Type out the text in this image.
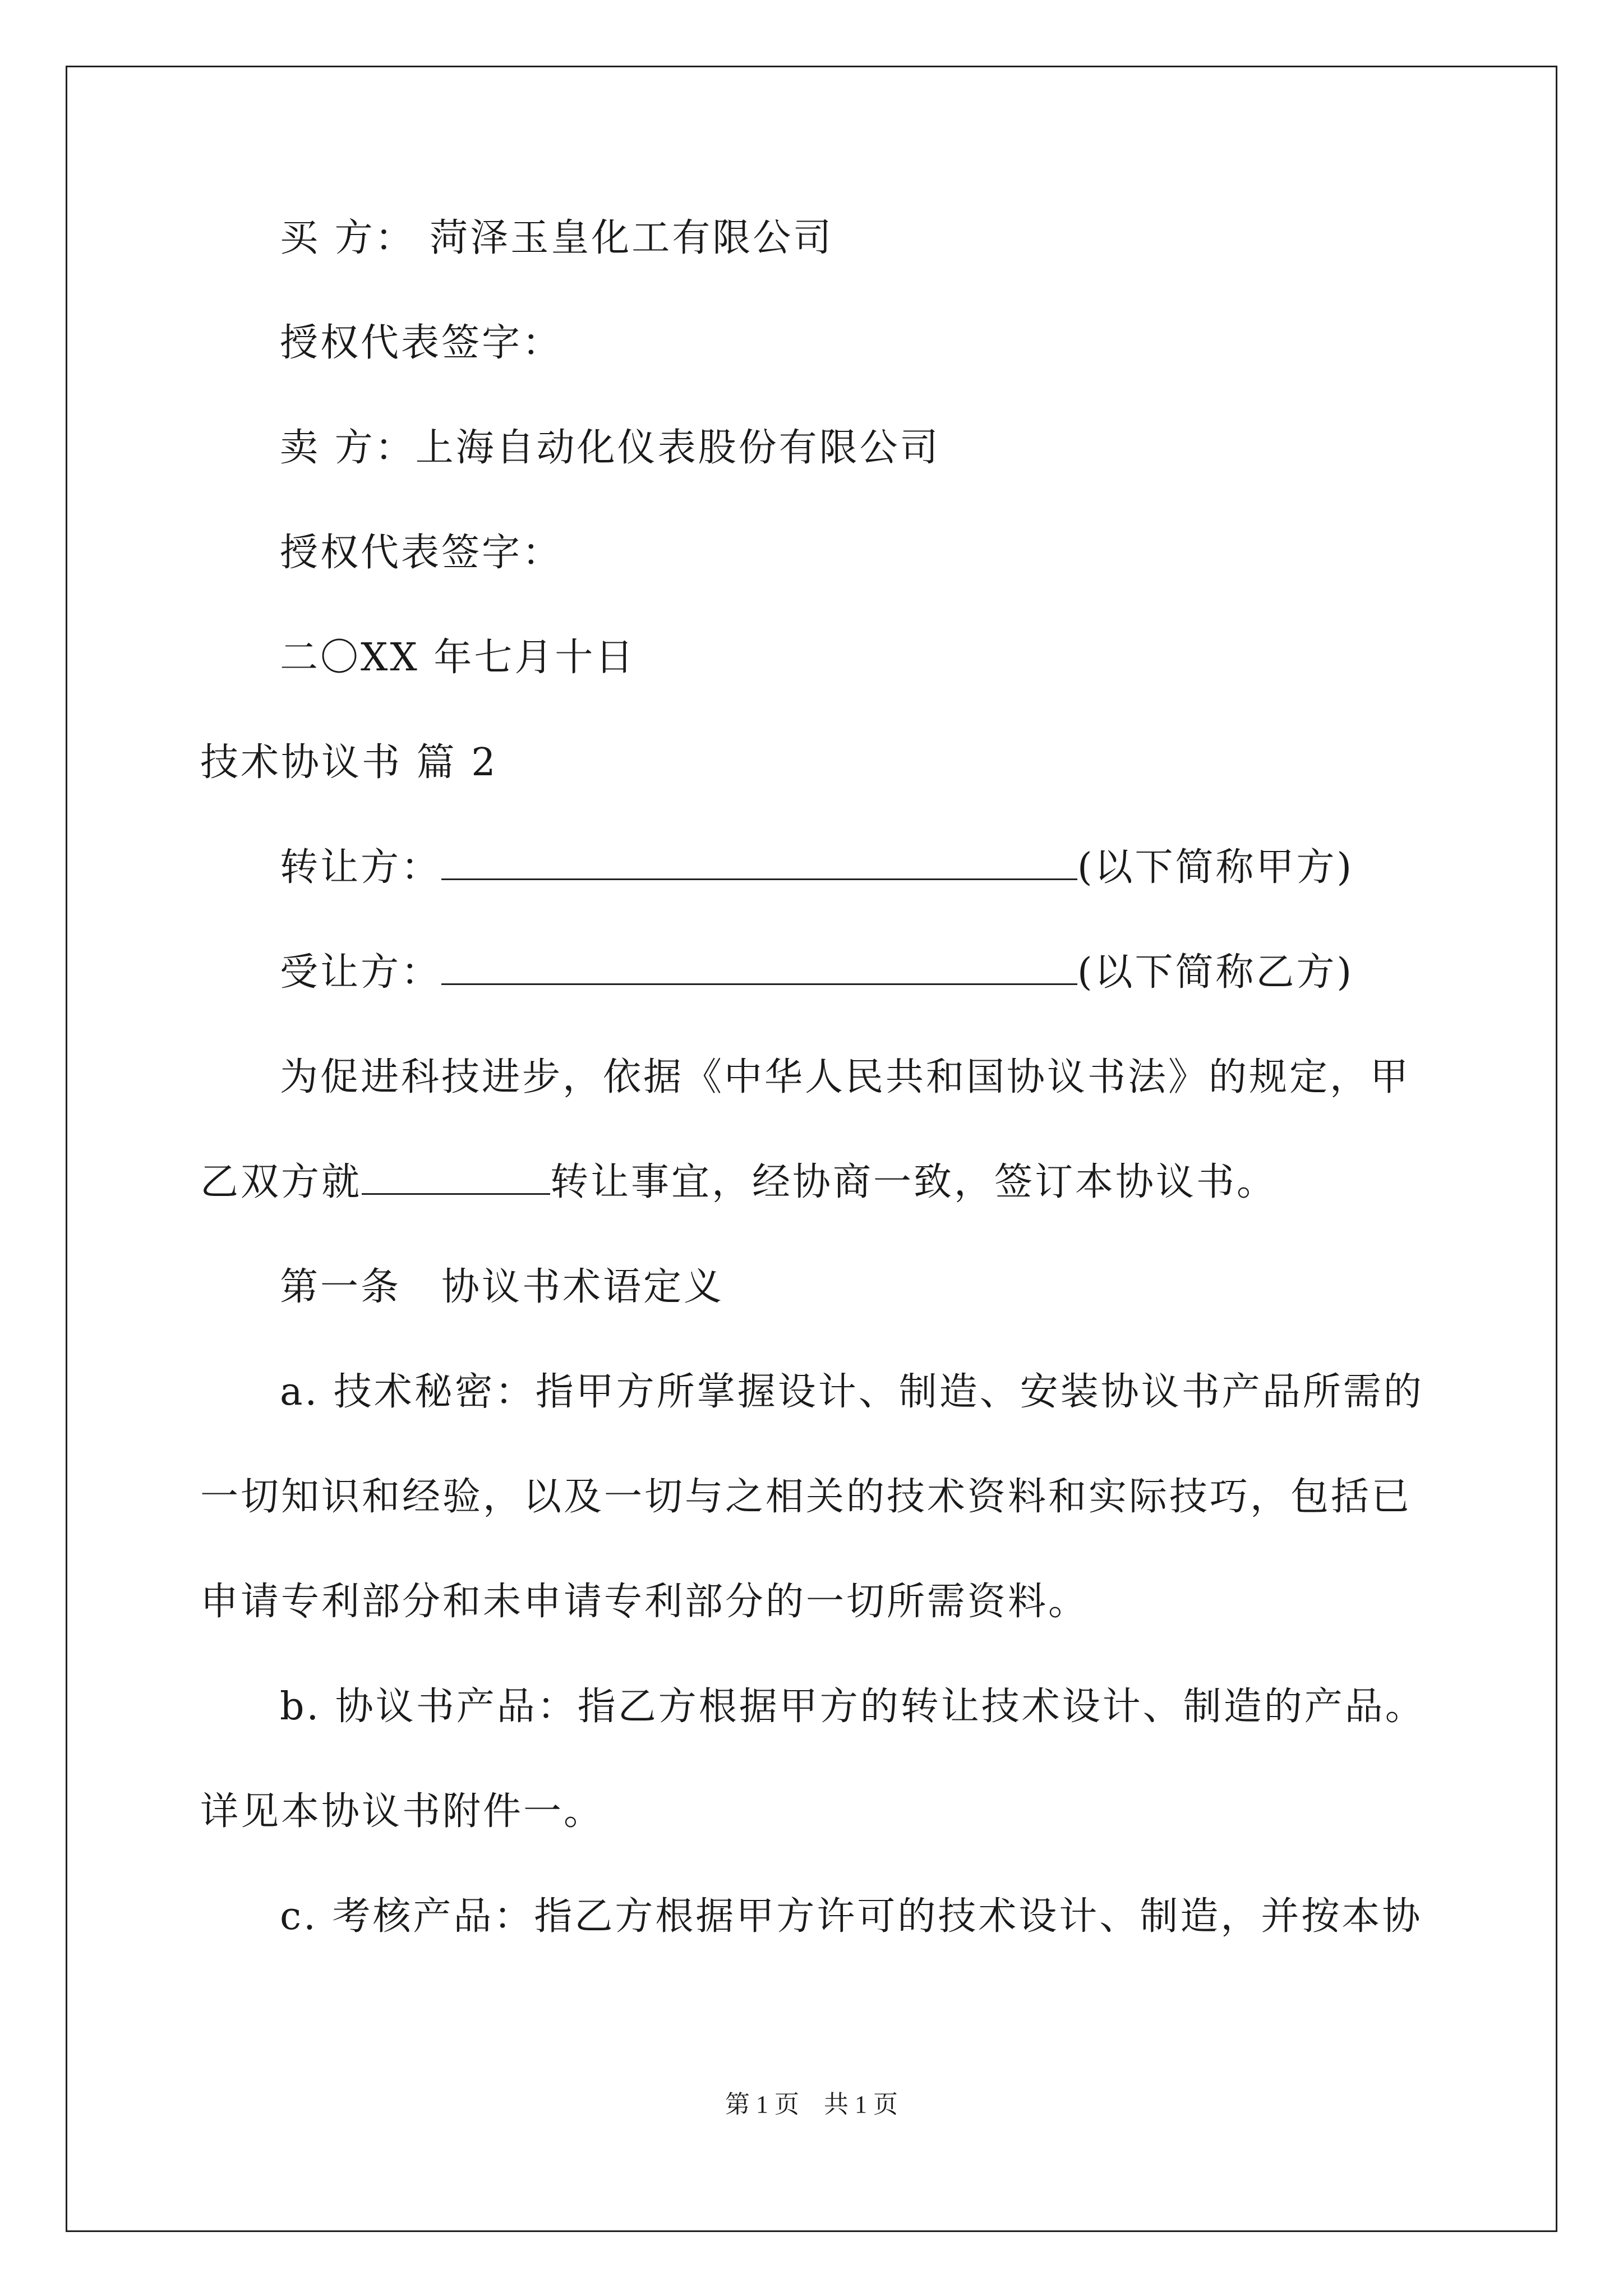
买 方： 菏泽玉皇化工有限公司
授权代表签字：
卖 方：上海自动化仪表股份有限公司
授权代表签字：
二〇XX 年七月十日
技术协议书 篇 2
转让方：	(以下简称甲方)
受让方：	(以下简称乙方)
为促进科技进步，依据《中华人民共和国协议书法》的规定，甲
乙双方就	转让事宜，经协商一致，签订本协议书。
第一条　协议书术语定义
a. 技术秘密：指甲方所掌握设计、制造、安装协议书产品所需的
一切知识和经验，以及一切与之相关的技术资料和实际技巧，包括已
申请专利部分和未申请专利部分的一切所需资料。
b. 协议书产品：指乙方根据甲方的转让技术设计、制造的产品。
详见本协议书附件一。
c. 考核产品：指乙方根据甲方许可的技术设计、制造，并按本协
第 1 页　共 1 页
